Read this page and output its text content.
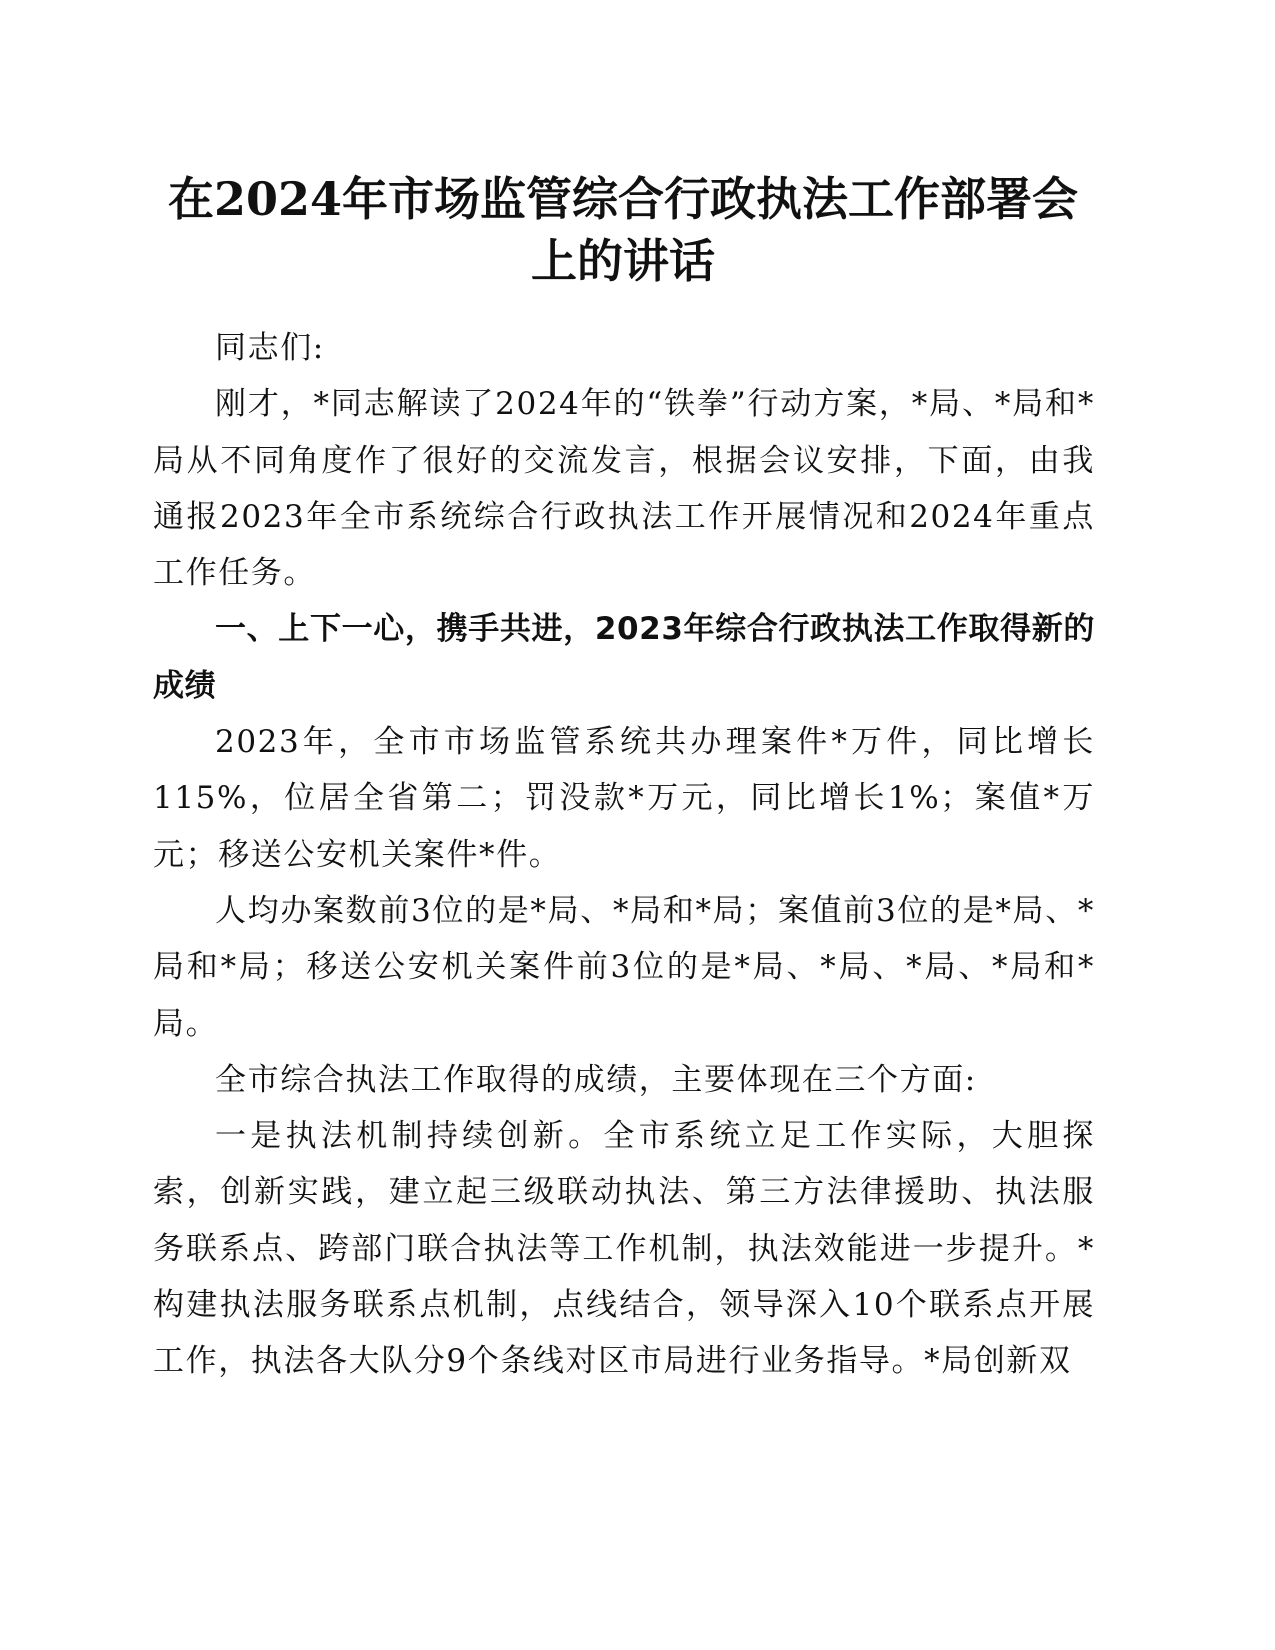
在2024年市场监管综合行政执法工作部署会上的讲话

同志们:

刚才，*同志解读了2024年的“铁拳”行动方案，*局、*局和*局从不同角度作了很好的交流发言，根据会议安排，下面，由我通报2023年全市系统综合行政执法工作开展情况和2024年重点工作任务。

一、上下一心，携手共进，2023年综合行政执法工作取得新的成绩

2023年，全市市场监管系统共办理案件*万件，同比增长115%，位居全省第二；罚没款*万元，同比增长1%；案值*万元；移送公安机关案件*件。

人均办案数前3位的是*局、*局和*局；案值前3位的是*局、*局和*局；移送公安机关案件前3位的是*局、*局、*局、*局和*局。

全市综合执法工作取得的成绩，主要体现在三个方面:

一是执法机制持续创新。全市系统立足工作实际，大胆探索，创新实践，建立起三级联动执法、第三方法律援助、执法服务联系点、跨部门联合执法等工作机制，执法效能进一步提升。*构建执法服务联系点机制，点线结合，领导深入10个联系点开展工作，执法各大队分9个条线对区市局进行业务指导。*局创新双
